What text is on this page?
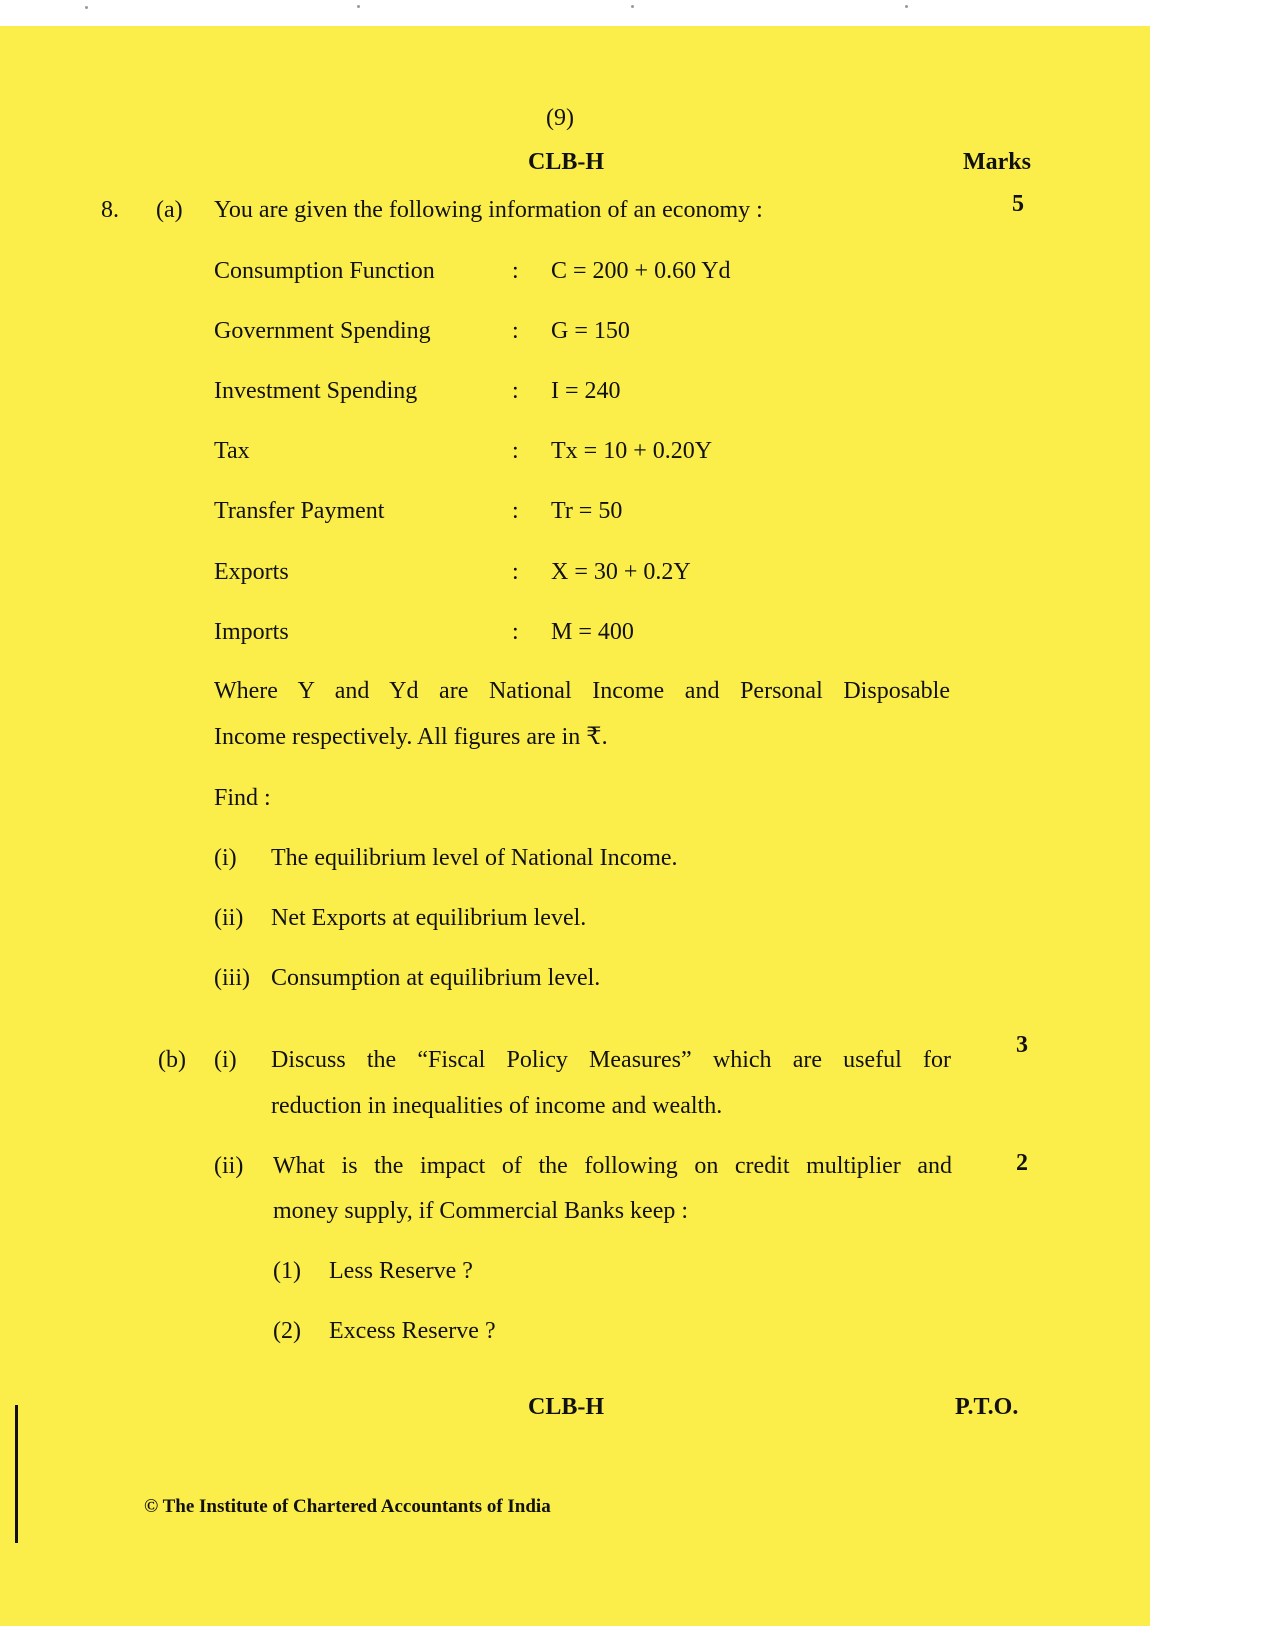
(9)
CLB-H	Marks
8. (a) You are given the following information of an economy :	5
Consumption Function	: C = 200 + 0.60 Yd
Government Spending	: G = 150
Investment Spending	: I = 240
Tax	: Tx = 10 + 0.20Y
Transfer Payment	: Tr = 50
Exports	: X = 30 + 0.2Y
Imports	: M = 400
Where Y and Yd are National Income and Personal Disposable
Income respectively. All figures are in ₹.
Find :
(i) The equilibrium level of National Income.
(ii) Net Exports at equilibrium level.
(iii) Consumption at equilibrium level.
(b) (i) Discuss the “Fiscal Policy Measures” which are useful for
reduction in inequalities of income and wealth.
3
(ii) What is the impact of the following on credit multiplier and
money supply, if Commercial Banks keep :
2
(1) Less Reserve ?
(2) Excess Reserve ?
CLB-H	P.T.O.
© The Institute of Chartered Accountants of India
